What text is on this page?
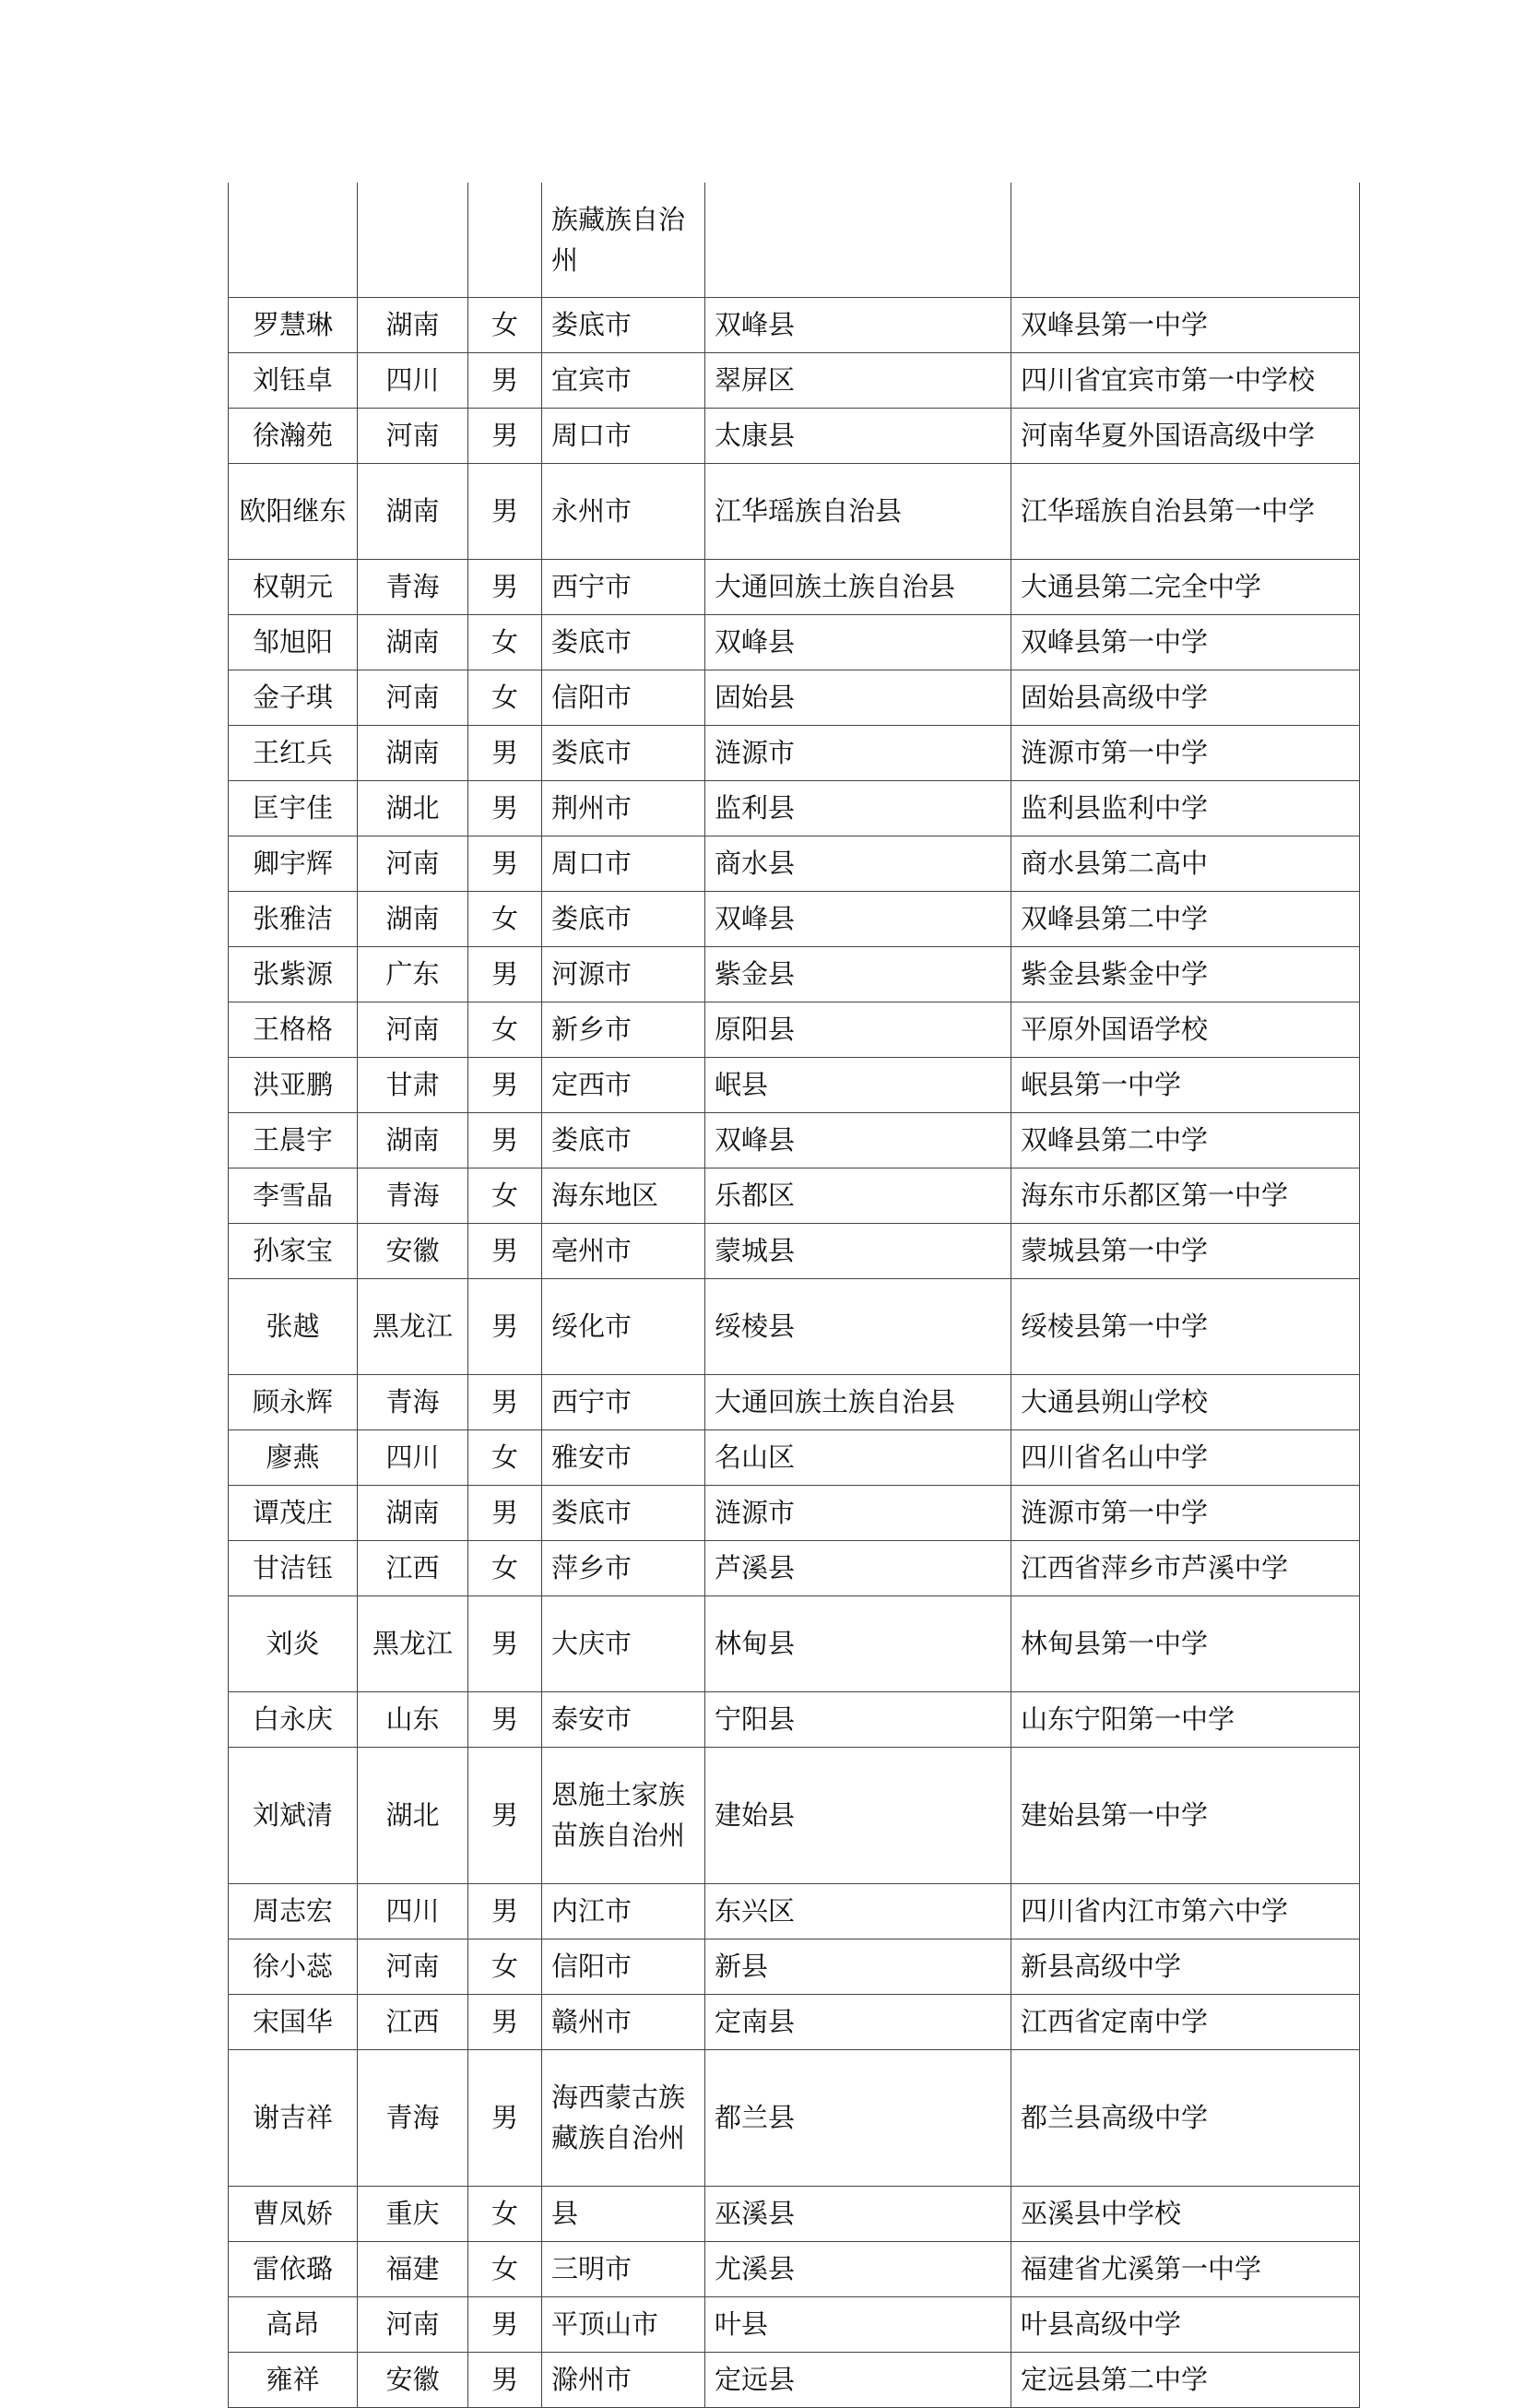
			族藏族自治州		
罗慧琳	湖南	女	娄底市	双峰县	双峰县第一中学
刘钰卓	四川	男	宜宾市	翠屏区	四川省宜宾市第一中学校
徐瀚苑	河南	男	周口市	太康县	河南华夏外国语高级中学
欧阳继东	湖南	男	永州市	江华瑶族自治县	江华瑶族自治县第一中学
权朝元	青海	男	西宁市	大通回族土族自治县	大通县第二完全中学
邹旭阳	湖南	女	娄底市	双峰县	双峰县第一中学
金子琪	河南	女	信阳市	固始县	固始县高级中学
王红兵	湖南	男	娄底市	涟源市	涟源市第一中学
匡宇佳	湖北	男	荆州市	监利县	监利县监利中学
卿宇辉	河南	男	周口市	商水县	商水县第二高中
张雅洁	湖南	女	娄底市	双峰县	双峰县第二中学
张紫源	广东	男	河源市	紫金县	紫金县紫金中学
王格格	河南	女	新乡市	原阳县	平原外国语学校
洪亚鹏	甘肃	男	定西市	岷县	岷县第一中学
王晨宇	湖南	男	娄底市	双峰县	双峰县第二中学
李雪晶	青海	女	海东地区	乐都区	海东市乐都区第一中学
孙家宝	安徽	男	亳州市	蒙城县	蒙城县第一中学
张越	黑龙江	男	绥化市	绥棱县	绥棱县第一中学
顾永辉	青海	男	西宁市	大通回族土族自治县	大通县朔山学校
廖燕	四川	女	雅安市	名山区	四川省名山中学
谭茂庄	湖南	男	娄底市	涟源市	涟源市第一中学
甘洁钰	江西	女	萍乡市	芦溪县	江西省萍乡市芦溪中学
刘炎	黑龙江	男	大庆市	林甸县	林甸县第一中学
白永庆	山东	男	泰安市	宁阳县	山东宁阳第一中学
刘斌清	湖北	男	恩施土家族苗族自治州	建始县	建始县第一中学
周志宏	四川	男	内江市	东兴区	四川省内江市第六中学
徐小蕊	河南	女	信阳市	新县	新县高级中学
宋国华	江西	男	赣州市	定南县	江西省定南中学
谢吉祥	青海	男	海西蒙古族藏族自治州	都兰县	都兰县高级中学
曹凤娇	重庆	女	县	巫溪县	巫溪县中学校
雷依璐	福建	女	三明市	尤溪县	福建省尤溪第一中学
高昂	河南	男	平顶山市	叶县	叶县高级中学
雍祥	安徽	男	滁州市	定远县	定远县第二中学
